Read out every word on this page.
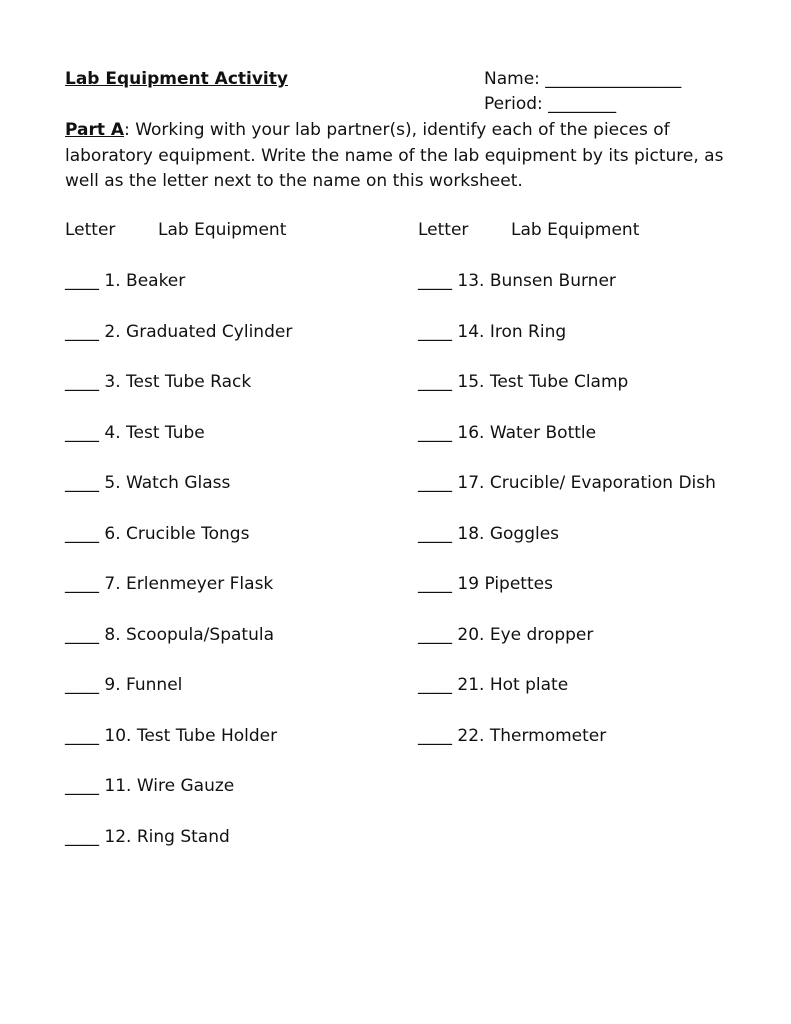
Lab Equipment Activity	Name: ________________
Period: ________
Part A: Working with your lab partner(s), identify each of the pieces of laboratory equipment. Write the name of the lab equipment by its picture, as well as the letter next to the name on this worksheet.
Letter	Lab Equipment	Letter	Lab Equipment
____ 1. Beaker
____ 2. Graduated Cylinder
____ 3. Test Tube Rack
____ 4. Test Tube
____ 5. Watch Glass
____ 6. Crucible Tongs
____ 7. Erlenmeyer Flask
____ 8. Scoopula/Spatula
____ 9. Funnel
____ 10. Test Tube Holder
____ 11. Wire Gauze
____ 12. Ring Stand
____ 13. Bunsen Burner
____ 14. Iron Ring
____ 15. Test Tube Clamp
____ 16. Water Bottle
____ 17. Crucible/ Evaporation Dish
____ 18. Goggles
____ 19 Pipettes
____ 20. Eye dropper
____ 21. Hot plate
____ 22. Thermometer
